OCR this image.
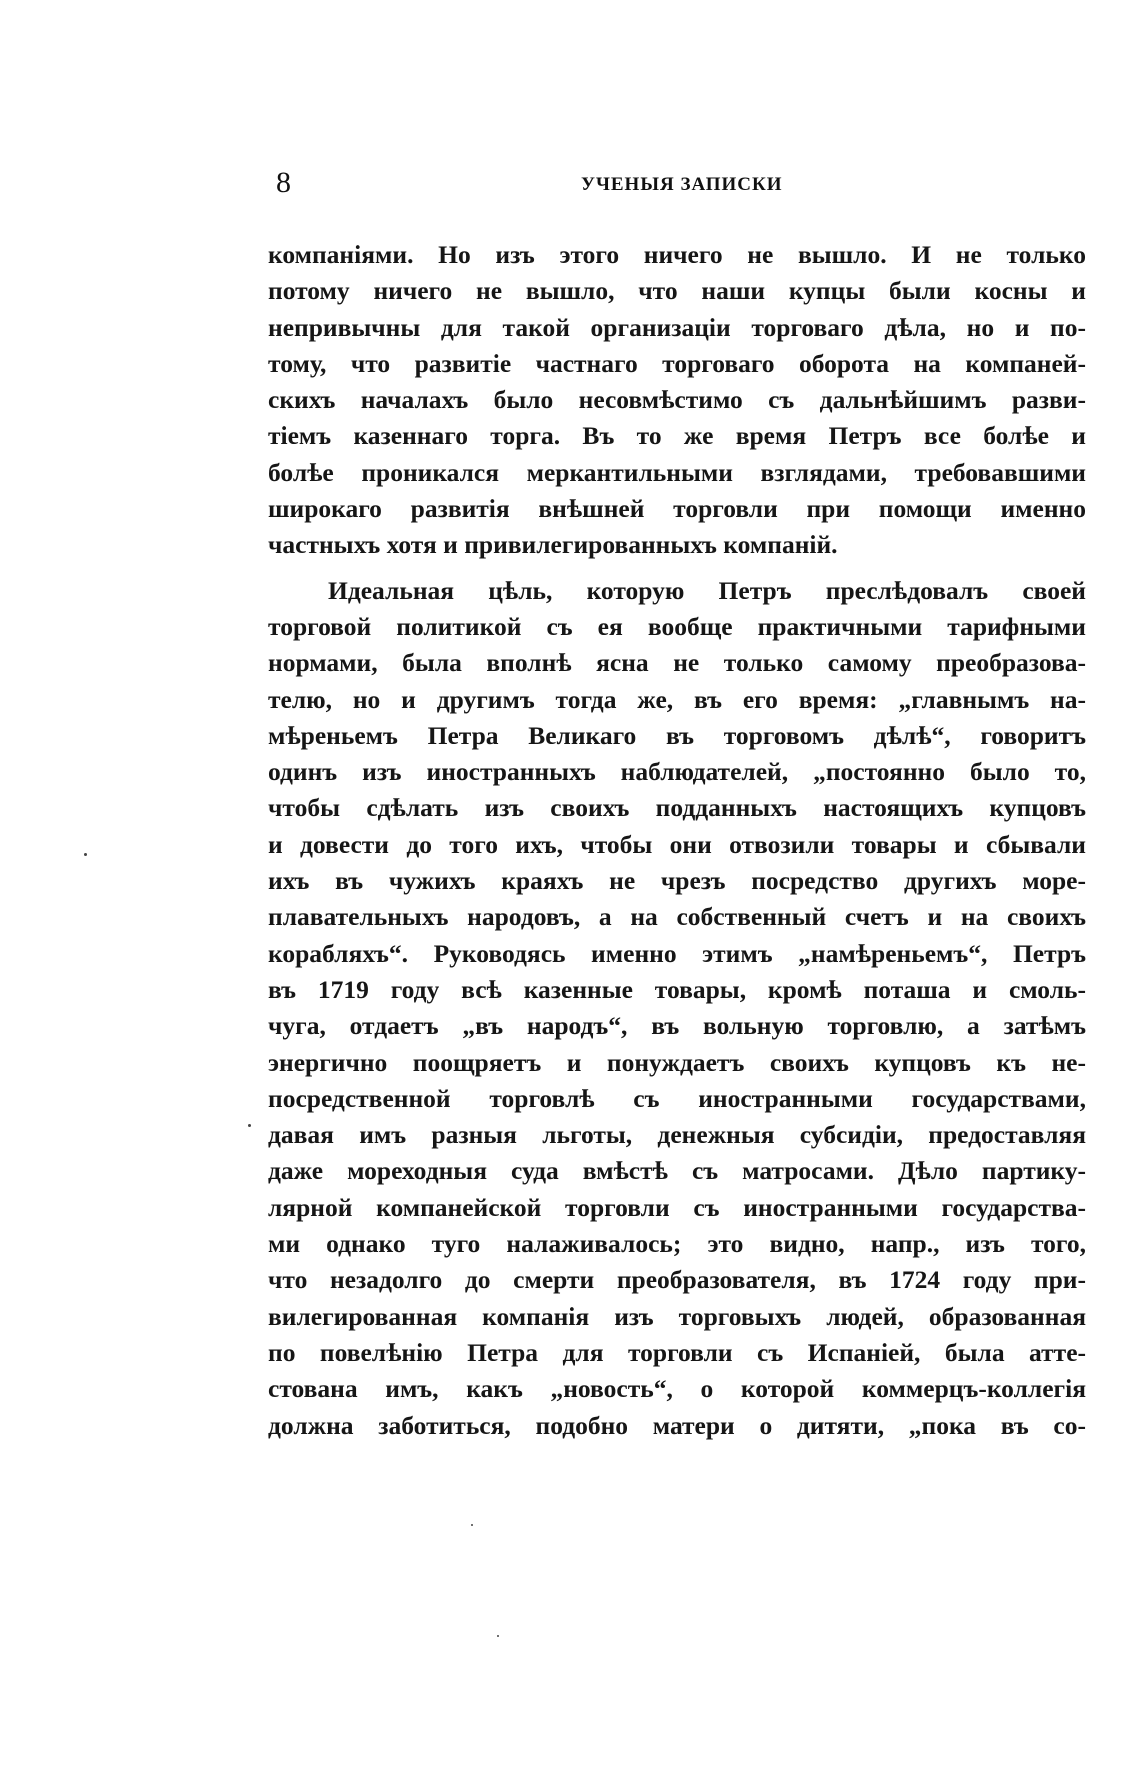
8	УЧЕНЫЯ ЗАПИСКИ
компаніями. Но изъ этого ничего не вышло. И не только
потому ничего не вышло, что наши купцы были косны и
непривычны для такой организаціи торговаго дѣла, но и по-
тому, что развитіе частнаго торговаго оборота на компаней-
скихъ началахъ было несовмѣстимо съ дальнѣйшимъ разви-
тіемъ казеннаго торга. Въ то же время Петръ все болѣе и
болѣе проникался меркантильными взглядами, требовавшими
широкаго развитія внѣшней торговли при помощи именно
частныхъ хотя и привилегированныхъ компаній.
Идеальная цѣль, которую Петръ преслѣдовалъ своей
торговой политикой съ ея вообще практичными тарифными
нормами, была вполнѣ ясна не только самому преобразова-
телю, но и другимъ тогда же, въ его время: „главнымъ на-
мѣреньемъ Петра Великаго въ торговомъ дѣлѣ“, говоритъ
одинъ изъ иностранныхъ наблюдателей, „постоянно было то,
чтобы сдѣлать изъ своихъ подданныхъ настоящихъ купцовъ
и довести до того ихъ, чтобы они отвозили товары и сбывали
ихъ въ чужихъ краяхъ не чрезъ посредство другихъ море-
плавательныхъ народовъ, а на собственный счетъ и на своихъ
корабляхъ“. Руководясь именно этимъ „намѣреньемъ“, Петръ
въ 1719 году всѣ казенные товары, кромѣ поташа и смоль-
чуга, отдаетъ „въ народъ“, въ вольную торговлю, а затѣмъ
энергично поощряетъ и понуждаетъ своихъ купцовъ къ не-
посредственной торговлѣ съ иностранными государствами,
давая имъ разныя льготы, денежныя субсидіи, предоставляя
даже мореходныя суда вмѣстѣ съ матросами. Дѣло партику-
лярной компанейской торговли съ иностранными государства-
ми однако туго налаживалось; это видно, напр., изъ того,
что незадолго до смерти преобразователя, въ 1724 году при-
вилегированная компанія изъ торговыхъ людей, образованная
по повелѣнію Петра для торговли съ Испаніей, была аттe-
стована имъ, какъ „новость“, о которой коммерцъ-коллегія
должна заботиться, подобно матери о дитяти, „пока въ со-
